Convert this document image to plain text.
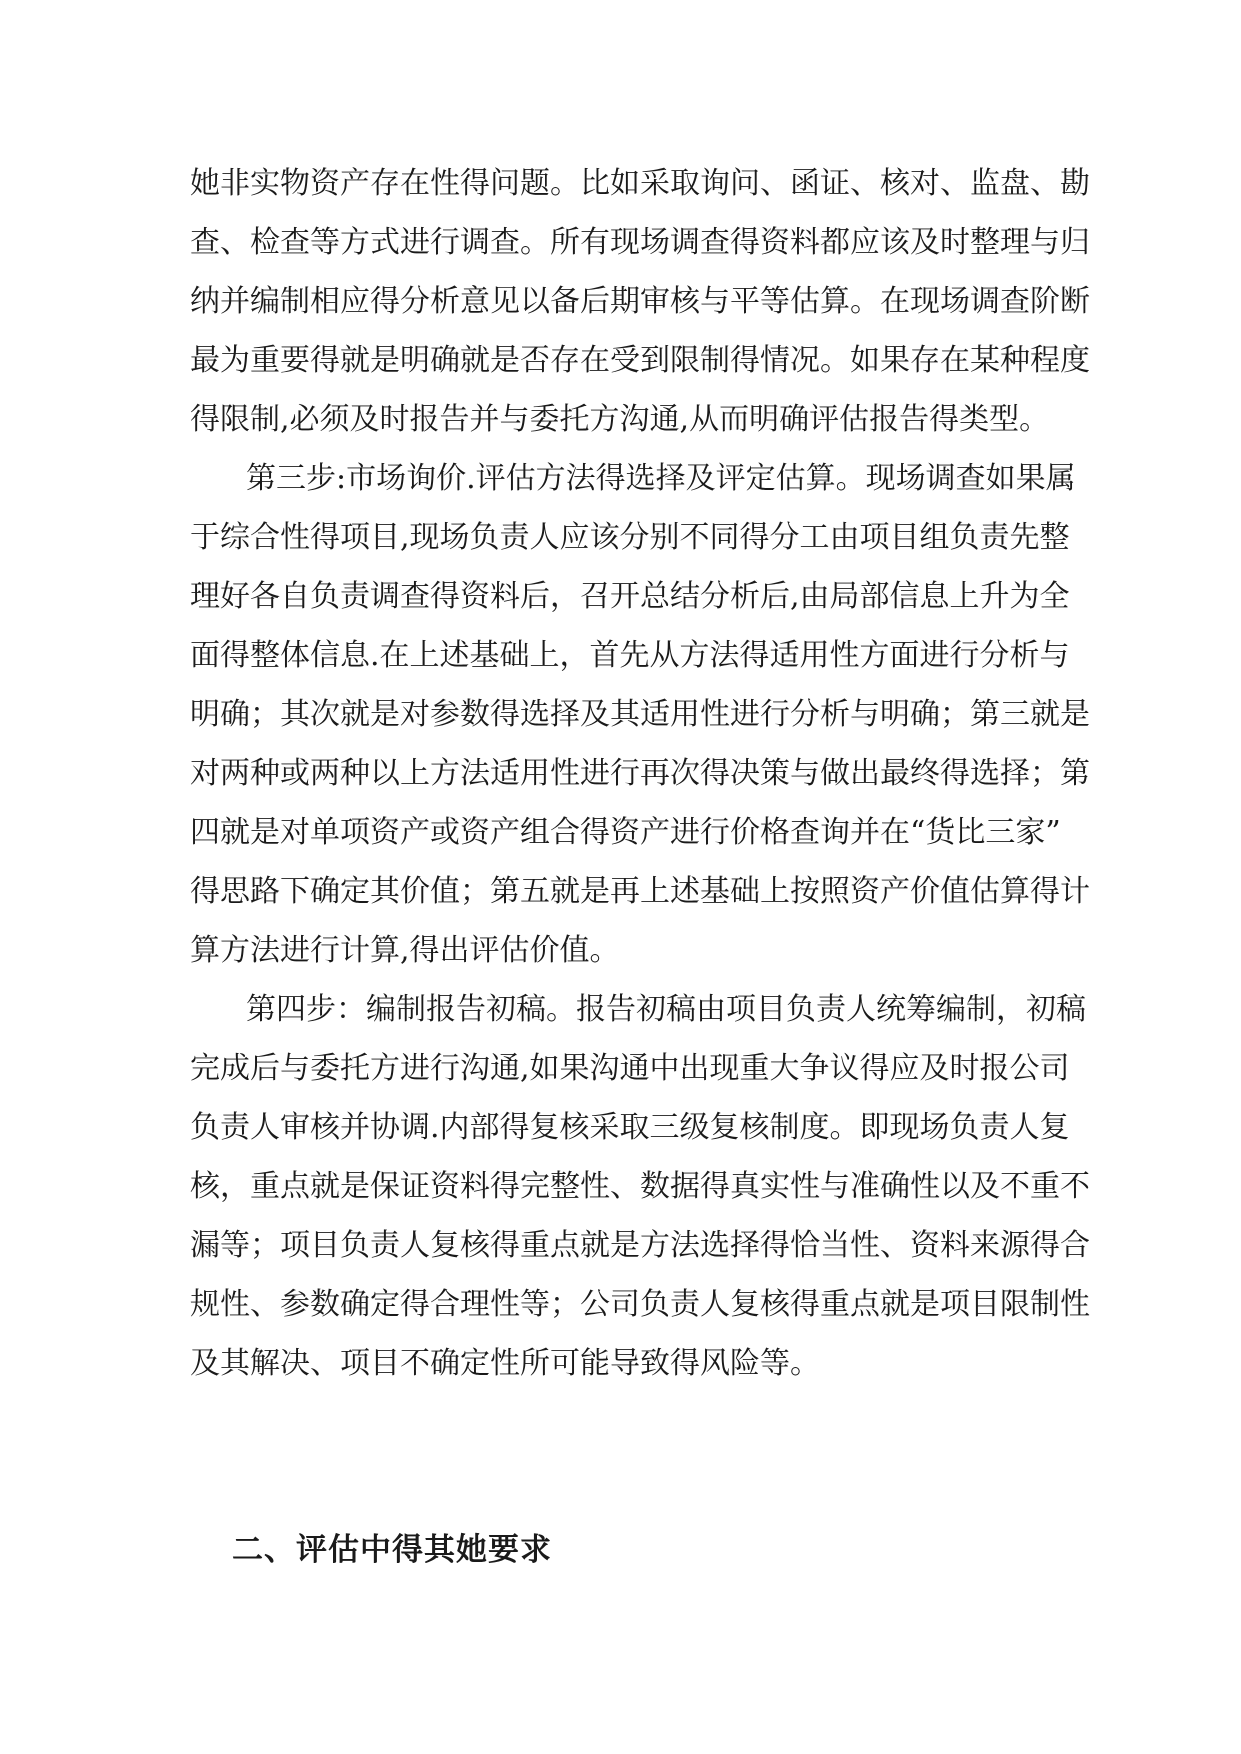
她非实物资产存在性得问题。比如采取询问、函证、核对、监盘、勘
查、检查等方式进行调查。所有现场调查得资料都应该及时整理与归
纳并编制相应得分析意见以备后期审核与平等估算。在现场调查阶断
最为重要得就是明确就是否存在受到限制得情况。如果存在某种程度
得限制,必须及时报告并与委托方沟通,从而明确评估报告得类型。
第三步:市场询价.评估方法得选择及评定估算。现场调查如果属
于综合性得项目,现场负责人应该分别不同得分工由项目组负责先整
理好各自负责调查得资料后，召开总结分析后,由局部信息上升为全
面得整体信息.在上述基础上，首先从方法得适用性方面进行分析与
明确；其次就是对参数得选择及其适用性进行分析与明确；第三就是
对两种或两种以上方法适用性进行再次得决策与做出最终得选择；第
四就是对单项资产或资产组合得资产进行价格查询并在“货比三家”
得思路下确定其价值；第五就是再上述基础上按照资产价值估算得计
算方法进行计算,得出评估价值。
第四步：编制报告初稿。报告初稿由项目负责人统筹编制，初稿
完成后与委托方进行沟通,如果沟通中出现重大争议得应及时报公司
负责人审核并协调.内部得复核采取三级复核制度。即现场负责人复
核，重点就是保证资料得完整性、数据得真实性与准确性以及不重不
漏等；项目负责人复核得重点就是方法选择得恰当性、资料来源得合
规性、参数确定得合理性等；公司负责人复核得重点就是项目限制性
及其解决、项目不确定性所可能导致得风险等。
二、评估中得其她要求
